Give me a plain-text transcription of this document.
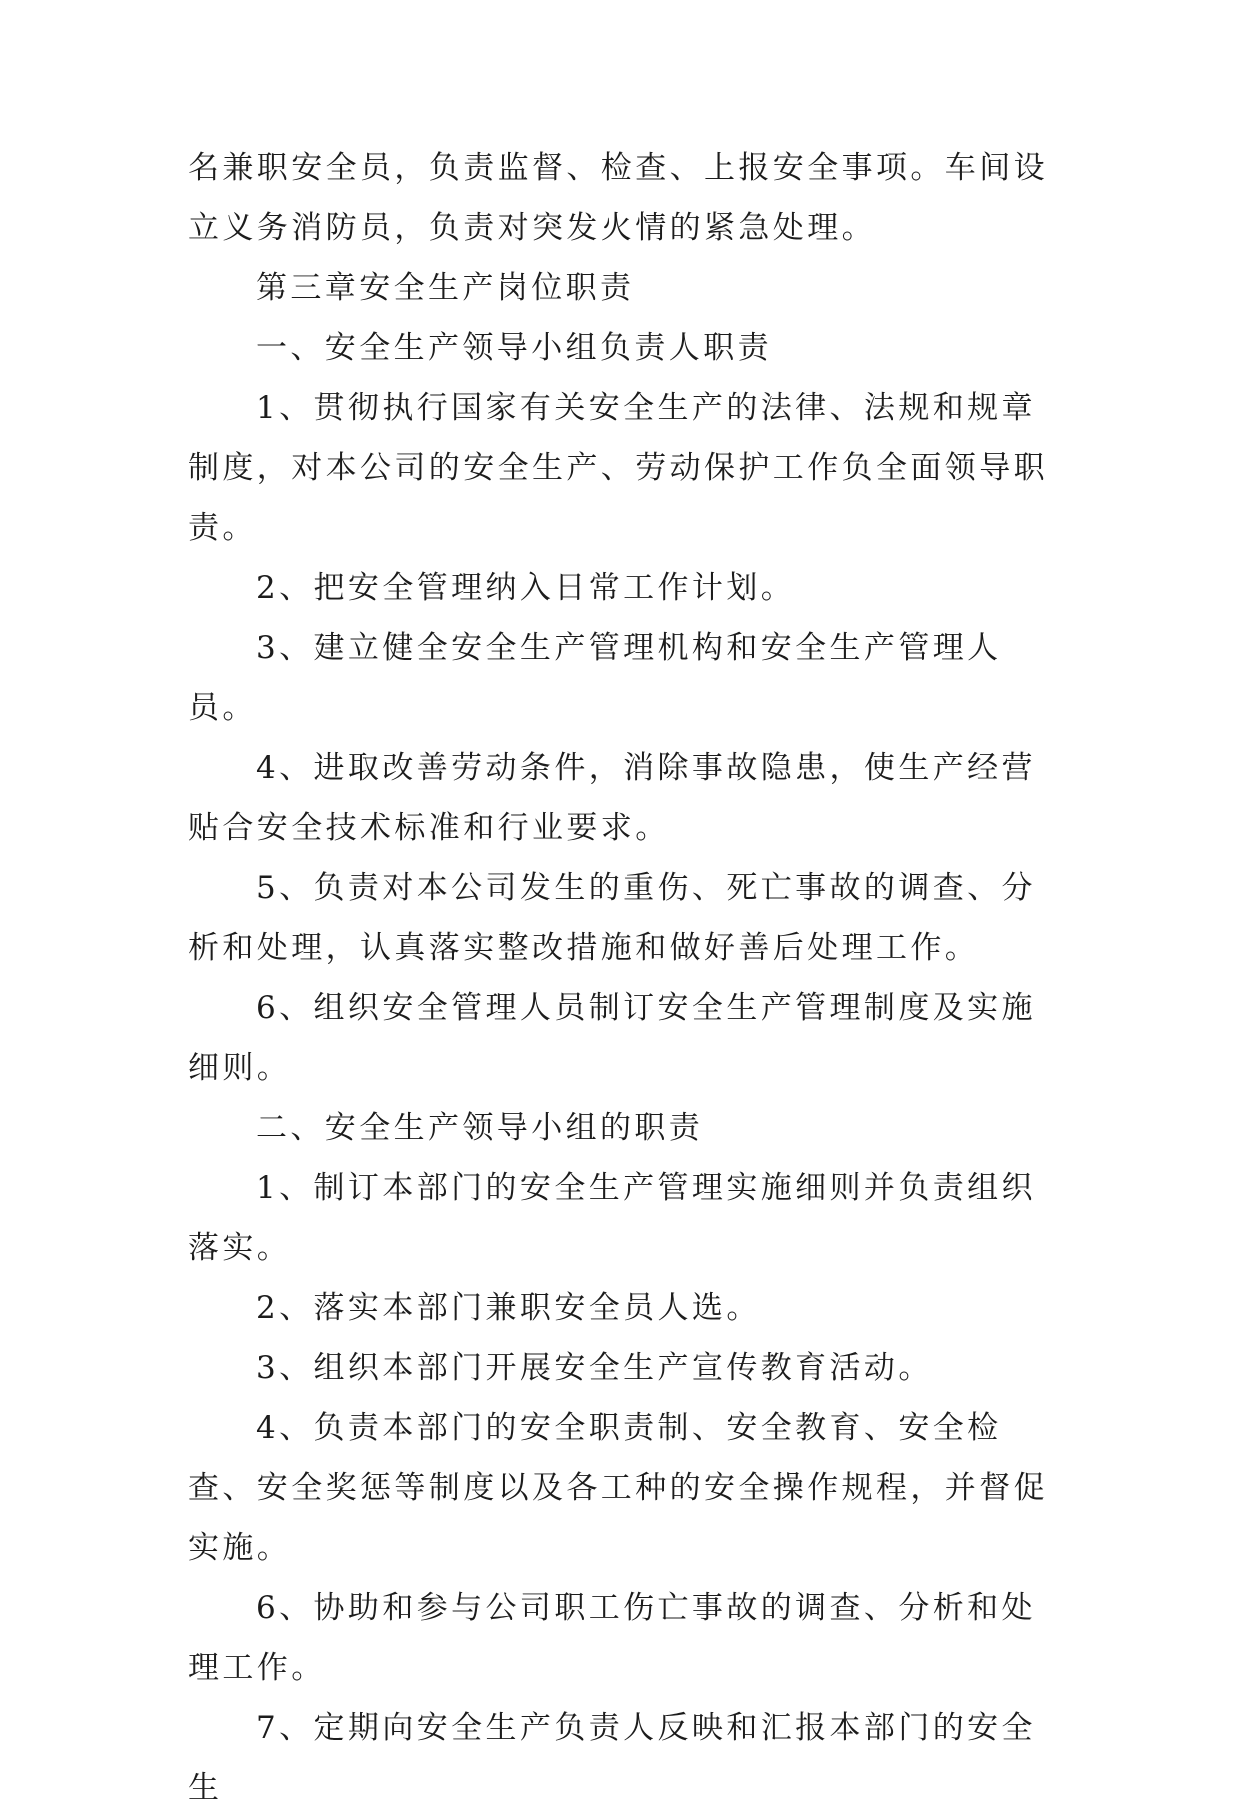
名兼职安全员，负责监督、检查、上报安全事项。车间设立义务消防员，负责对突发火情的紧急处理。

第三章安全生产岗位职责

一、安全生产领导小组负责人职责

1、贯彻执行国家有关安全生产的法律、法规和规章制度，对本公司的安全生产、劳动保护工作负全面领导职责。

2、把安全管理纳入日常工作计划。

3、建立健全安全生产管理机构和安全生产管理人员。

4、进取改善劳动条件，消除事故隐患，使生产经营贴合安全技术标准和行业要求。

5、负责对本公司发生的重伤、死亡事故的调查、分析和处理，认真落实整改措施和做好善后处理工作。

6、组织安全管理人员制订安全生产管理制度及实施细则。

二、安全生产领导小组的职责

1、制订本部门的安全生产管理实施细则并负责组织落实。

2、落实本部门兼职安全员人选。

3、组织本部门开展安全生产宣传教育活动。

4、负责本部门的安全职责制、安全教育、安全检查、安全奖惩等制度以及各工种的安全操作规程，并督促实施。

6、协助和参与公司职工伤亡事故的调查、分析和处理工作。

7、定期向安全生产负责人反映和汇报本部门的安全生
